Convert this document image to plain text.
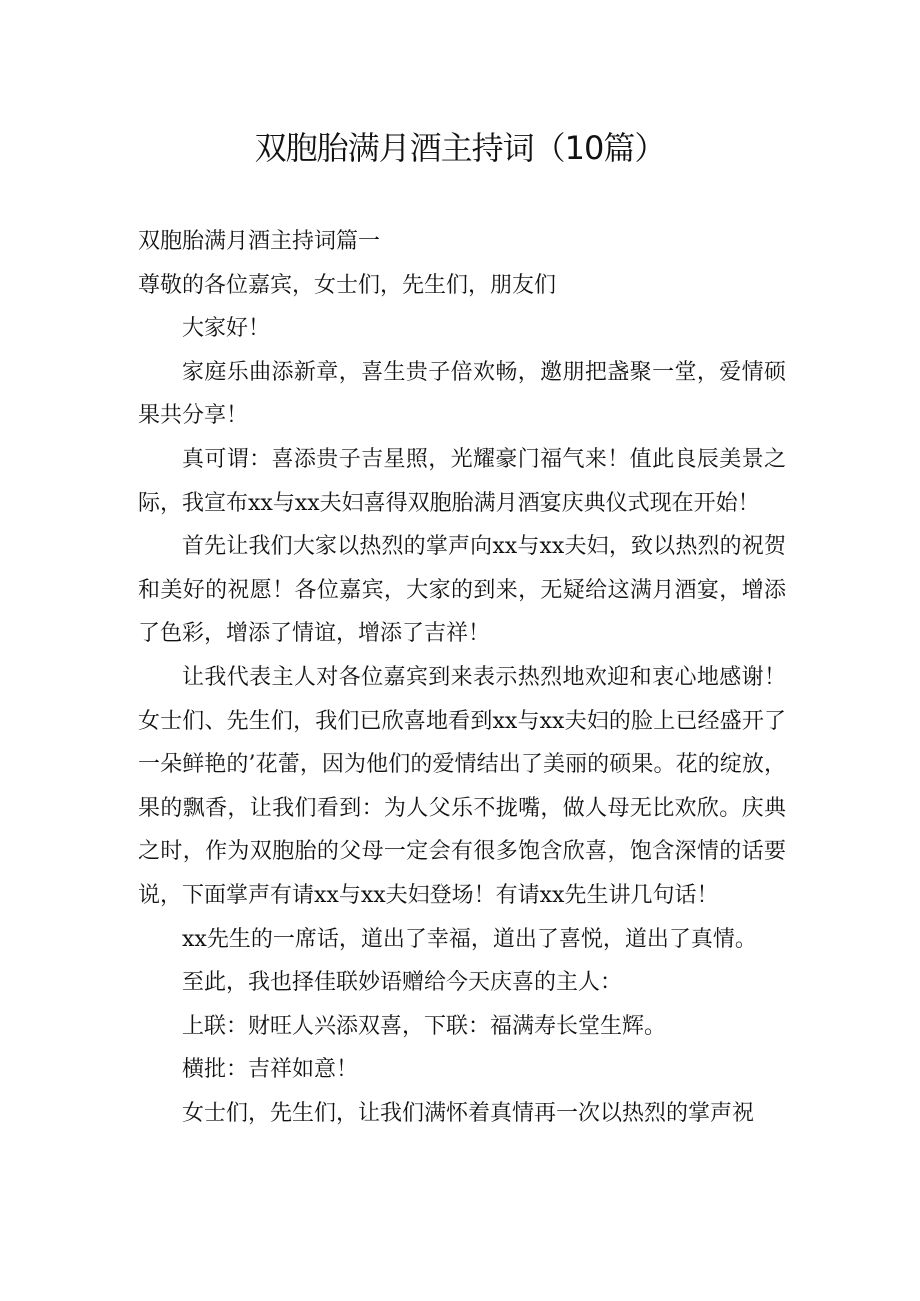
双胞胎满月酒主持词（10篇）

双胞胎满月酒主持词篇一

尊敬的各位嘉宾，女士们，先生们，朋友们

大家好！

家庭乐曲添新章，喜生贵子倍欢畅，邀朋把盏聚一堂，爱情硕果共分享！

真可谓：喜添贵子吉星照，光耀豪门福气来！值此良辰美景之际，我宣布xx与xx夫妇喜得双胞胎满月酒宴庆典仪式现在开始！

首先让我们大家以热烈的掌声向xx与xx夫妇，致以热烈的祝贺和美好的祝愿！各位嘉宾，大家的到来，无疑给这满月酒宴，增添了色彩，增添了情谊，增添了吉祥！

让我代表主人对各位嘉宾到来表示热烈地欢迎和衷心地感谢！女士们、先生们，我们已欣喜地看到xx与xx夫妇的脸上已经盛开了一朵鲜艳的’花蕾，因为他们的爱情结出了美丽的硕果。花的绽放，果的飘香，让我们看到：为人父乐不拢嘴，做人母无比欢欣。庆典之时，作为双胞胎的父母一定会有很多饱含欣喜，饱含深情的话要说，下面掌声有请xx与xx夫妇登场！有请xx先生讲几句话！

xx先生的一席话，道出了幸福，道出了喜悦，道出了真情。

至此，我也择佳联妙语赠给今天庆喜的主人：

上联：财旺人兴添双喜，下联：福满寿长堂生辉。

横批：吉祥如意！

女士们，先生们，让我们满怀着真情再一次以热烈的掌声祝
